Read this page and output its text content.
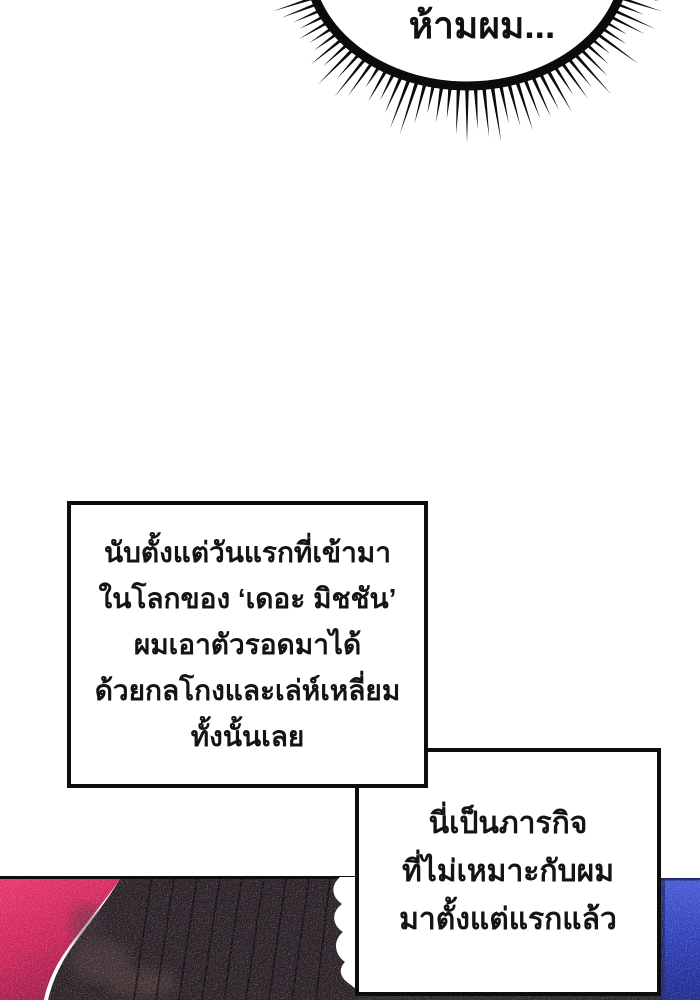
ห้ามผม...
นับตั้งแต่วันแรกที่เข้ามา
ในโลกของ ‘เดอะ มิชชัน’
ผมเอาตัวรอดมาได้
ด้วยกลโกงและเล่ห์เหลี่ยม
ทั้งนั้นเลย
นี่เป็นภารกิจ
ที่ไม่เหมาะกับผม
มาตั้งแต่แรกแล้ว
